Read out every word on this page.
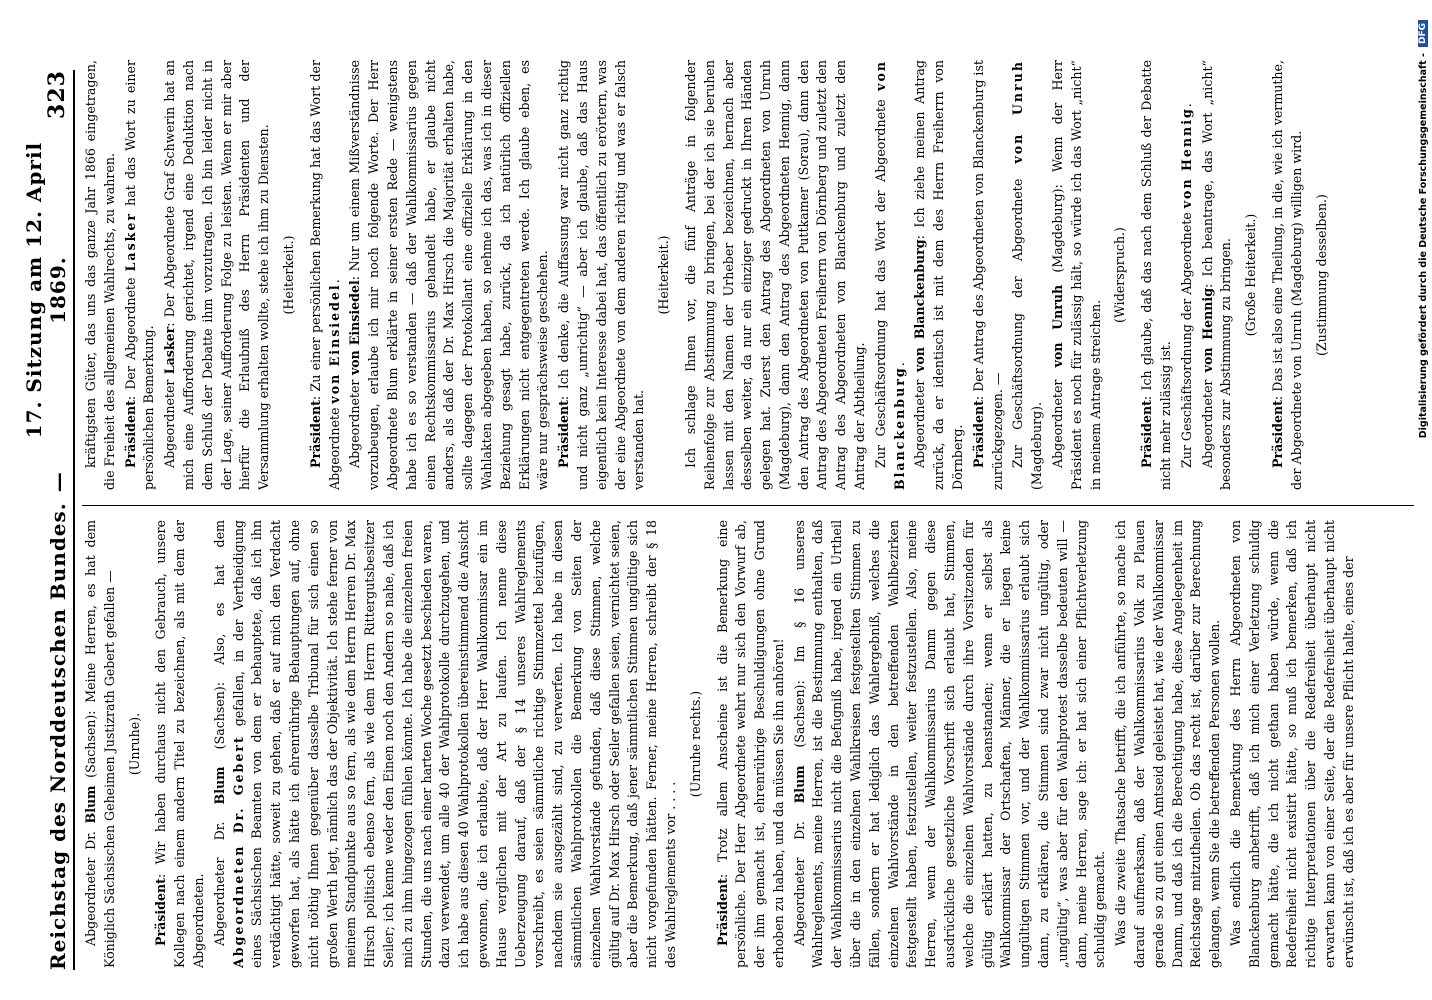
Reichstag des Norddeutschen Bundes.
—
17. Sitzung am 12. April 1869.
323

Abgeordneter Dr. Blum (Sachsen): Meine Herren, es hat dem Königlich Sächsischen Geheimen Justizrath Gebert gefallen — (Unruhe).

Präsident: Wir haben durchaus nicht den Gebrauch, unsere Kollegen nach einem andern Titel zu bezeichnen, als mit dem der Abgeordneten. Abgeordneter Dr. Blum (Sachsen): Also, es hat dem Abgeordneten Dr. Gebert gefallen, in der Vertheidigung eines Sächsischen Beamten von dem er behauptete, daß ich ihn verdächtigt hätte, soweit zu gehen, daß er auf mich den Verdacht geworfen hat, als hätte ich ehrenrührige Behauptungen auf, ohne nicht nöthig Ihnen gegenüber dasselbe Tribunal für sich einen so großen Werth legt, nämlich das der Objektivität. Ich stehe ferner von meinem Standpunkte aus so fern, als wie dem Herrn Herren Dr. Max Hirsch politisch ebenso fern, als wie dem Herrn Rittergutsbesitzer Seiler; ich kenne weder den Einen noch den Andern so nahe, daß ich mich zu ihm hingezogen fühlen könnte. Ich habe die einzelnen freien Stunden, die uns nach einer harten Woche gesetzt beschieden waren, dazu verwendet, um alle 40 der Wahlprotokolle durchzugehen, und ich habe aus diesen 40 Wahlprotokollen übereinstimmend die Ansicht gewonnen, die ich erlaubte, daß der Herr Wahlkommissar ein im Hause verglichen mit der Art zu laufen. Ich nenne diese Ueberzeugung darauf, daß der § 14 unseres Wahlreglements vorschreibt, es seien sämmtliche richtige Stimmzettel beizufügen, nachdem sie ausgezählt sind, zu verwerfen. Ich habe in diesen sämmtlichen Wahlprotokollen die Bemerkung von Seiten der einzelnen Wahlvorstände gefunden, daß diese Stimmen, welche gültig auf Dr. Max Hirsch oder Seiler gefallen seien, vernichtet seien, aber die Bemerkung, daß jener sämmtlichen Stimmen ungültige sich nicht vorgefunden hätten. Ferner, meine Herren, schreibt der § 18 des Wahlreglements vor . . . .

(Unruhe rechts.)

Präsident: Trotz allem Anscheine ist die Bemerkung eine persönliche. Der Herr Abgeordnete wehrt nur sich den Vorwurf ab, der ihm gemacht ist, ehrenrührige Beschuldigungen ohne Grund erhoben zu haben, und da müssen Sie ihn anhören! Abgeordneter Dr. Blum (Sachsen): Im § 16 unseres Wahlreglements, meine Herren, ist die Bestimmung enthalten, daß der Wahlkommissarius nicht die Befugniß habe, irgend ein Urtheil über die in den einzelnen Wahlkreisen festgestellten Stimmen zu fällen, sondern er hat lediglich das Wahlergebniß, welches die einzelnen Wahlvorstände in den betreffenden Wahlbezirken festgestellt haben, festzustellen, weiter festzustellen. Also, meine Herren, wenn der Wahlkommissarius Damm gegen diese ausdrückliche gesetzliche Vorschrift sich erlaubt hat, Stimmen, welche die einzelnen Wahlvorstände durch ihre Vorsitzenden für gültig erklärt hatten, zu beanstanden; wenn er selbst als Wahlkommissar der Ortschaften, Männer, die er liegen keine ungültigen Stimmen vor, und der Wahlkommissarius erlaubt sich dann, zu erklären, die Stimmen sind zwar nicht ungültig, oder „ungültig“, was aber für den Wahlprotest dasselbe bedeuten will — dann, meine Herren, sage ich: er hat sich einer Pflichtverletzung schuldig gemacht. Was die zweite Thatsache betrifft, die ich anführte, so mache ich darauf aufmerksam, daß der Wahlkommissarius Volk zu Plauen gerade so zu gut einen Amtseid geleistet hat, wie der Wahlkommissar Damm, und daß ich die Berechtigung habe, diese Angelegenheit im Reichstage mitzutheilen. Ob das recht ist, darüber zur Berechnung gelangen, wenn Sie die betreffenden Personen wollen. Was endlich die Bemerkung des Herrn Abgeordneten von Blanckenburg anbetrifft, daß ich mich einer Verletzung schuldig gemacht hätte, die ich nicht gethan haben würde, wenn die Redefreiheit nicht existirt hätte, so muß ich bemerken, daß ich richtige Interpretationen über die Redefreiheit überhaupt nicht erwarten kann von einer Seite, der die Redefreiheit überhaupt nicht erwünscht ist, daß ich es aber für unsere Pflicht halte, eines der

kräftigsten Güter, das uns das ganze Jahr 1866 eingetragen, die Freiheit des allgemeinen Wahlrechts, zu wahren. Präsident: Der Abgeordnete Lasker hat das Wort zu einer persönlichen Bemerkung. Abgeordneter Lasker: Der Abgeordnete Graf Schwerin hat an mich eine Aufforderung gerichtet, irgend eine Deduktion nach dem Schluß der Debatte ihm vorzutragen. Ich bin leider nicht in der Lage, seiner Aufforderung Folge zu leisten. Wenn er mir aber hierfür die Erlaubniß des Herrn Präsidenten und der Versammlung erhalten wollte, stehe ich ihm zu Diensten. (Heiterkeit.)

Präsident: Zu einer persönlichen Bemerkung hat das Wort der Abgeordnete von Einsiedel.

Abgeordneter von Einsiedel: Nur um einem Mißverständnisse vorzubeugen, erlaube ich mir noch folgende Worte. Der Herr Abgeordnete Blum erklärte in seiner ersten Rede — wenigstens habe ich es so verstanden — daß der Wahlkommissarius gegen einen Rechtskommissarius gehandelt habe, er glaube nicht anders, als daß der Dr. Max Hirsch die Majorität erhalten habe, sollte dagegen der Protokollant eine offizielle Erklärung in den Wahlakten abgegeben haben, so nehme ich das, was ich in dieser Beziehung gesagt habe, zurück, da ich natürlich offiziellen Erklärungen nicht entgegentreten werde. Ich glaube eben, es wäre nur gesprächsweise geschehen. Präsident: Ich denke, die Auffassung war nicht ganz richtig und nicht ganz „unrichtig“ — aber ich glaube, daß das Haus eigentlich kein Interesse dabei hat, das öffentlich zu erörtern, was der eine Abgeordnete von dem anderen richtig und was er falsch verstanden hat.

(Heiterkeit.) Ich schlage Ihnen vor, die fünf Anträge in folgender Reihenfolge zur Abstimmung zu bringen, bei der ich sie beruhen lassen mit den Namen der Urheber bezeichnen, hernach aber desselben weiter, da nur ein einziger gedruckt in Ihren Händen gelegen hat. Zuerst den Antrag des Abgeordneten von Unruh (Magdeburg), dann den Antrag des Abgeordneten Hennig, dann den Antrag des Abgeordneten von Puttkamer (Sorau), dann den Antrag des Abgeordneten Freiherrn von Dörnberg und zuletzt den Antrag des Abgeordneten von Blanckenburg und zuletzt den Antrag der Abtheilung. Zur Geschäftsordnung hat das Wort der Abgeordnete von Blanckenburg.

Abgeordneter von Blanckenburg: Ich ziehe meinen Antrag zurück, da er identisch ist mit dem des Herrn Freiherrn von Dörnberg. Präsident: Der Antrag des Abgeordneten von Blanckenburg ist zurückgezogen. — Zur Geschäftsordnung der Abgeordnete von Unruh (Magdeburg). Abgeordneter von Unruh (Magdeburg): Wenn der Herr Präsident es noch für zulässig hält, so würde ich das Wort „nicht“ in meinem Antrage streichen.

(Widerspruch.)

Präsident: Ich glaube, daß das nach dem Schluß der Debatte nicht mehr zulässig ist. Zur Geschäftsordnung der Abgeordnete von Hennig.

Abgeordneter von Hennig: Ich beantrage, das Wort „nicht“ besonders zur Abstimmung zu bringen. (Große Heiterkeit.)

Präsident: Das ist also eine Theilung, in die, wie ich vermuthe, der Abgeordnete von Unruh (Magdeburg) willigen wird. (Zustimmung desselben.)	Digitalisierung gefördert durch die Deutsche Forschungsgemeinschaft -
DFG
